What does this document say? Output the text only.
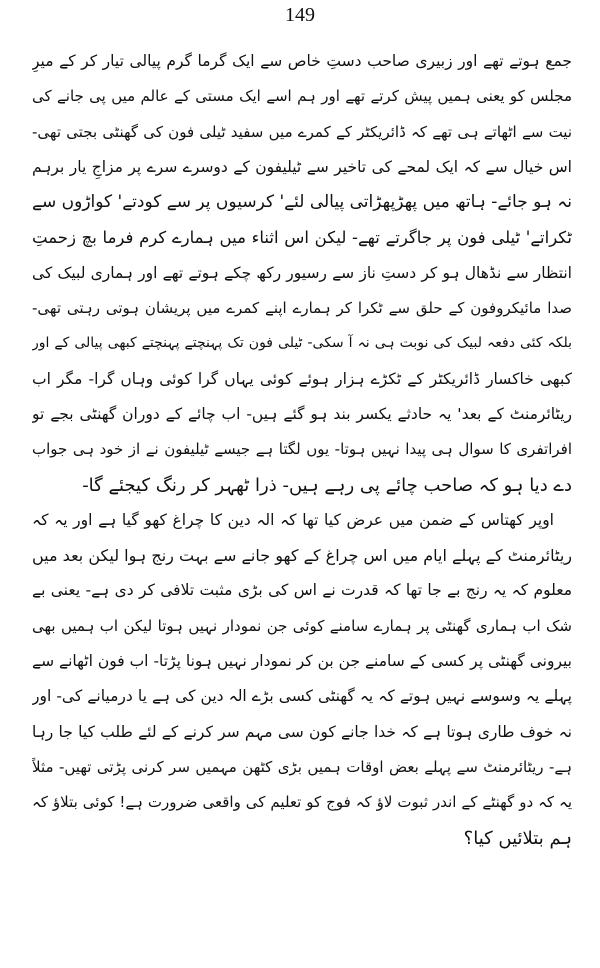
149
جمع ہوتے تھے اور زبیری صاحب دستِ خاص سے ایک گرما گرم پیالی تیار کر کے میرِ
مجلس کو یعنی ہمیں پیش کرتے تھے اور ہم اسے ایک مستی کے عالم میں پی جانے کی
نیت سے اٹھاتے ہی تھے کہ ڈائریکٹر کے کمرے میں سفید ٹیلی فون کی گھنٹی بجتی تھی-
اس خیال سے کہ ایک لمحے کی تاخیر سے ٹیلیفون کے دوسرے سرے پر مزاجِ یار برہم
نہ ہو جائے- ہاتھ میں پھڑپھڑاتی پیالی لئے' کرسیوں پر سے کودتے' کواڑوں سے
ٹکراتے' ٹیلی فون پر جاگرتے تھے- لیکن اس اثناء میں ہمارے کرم فرما بچ زحمتِ
انتظار سے نڈھال ہو کر دستِ ناز سے رسیور رکھ چکے ہوتے تھے اور ہماری لبیک کی
صدا مائیکروفون کے حلق سے ٹکرا کر ہمارے اپنے کمرے میں پریشان ہوتی رہتی تھی-
بلکہ کئی دفعہ لبیک کی نوبت ہی نہ آ سکی- ٹیلی فون تک پہنچتے پہنچتے کبھی پیالی کے اور
کبھی خاکسار ڈائریکٹر کے ٹکڑے ہزار ہوئے کوئی یہاں گرا کوئی وہاں گرا- مگر اب
ریٹائرمنٹ کے بعد' یہ حادثے یکسر بند ہو گئے ہیں- اب چائے کے دوران گھنٹی بجے تو
افراتفری کا سوال ہی پیدا نہیں ہوتا- یوں لگتا ہے جیسے ٹیلیفون نے از خود ہی جواب
دے دیا ہو کہ صاحب چائے پی رہے ہیں- ذرا ٹھہر کر رنگ کیجئے گا-
اوپر کھتاس کے ضمن میں عرض کیا تھا کہ الہ دین کا چراغ کھو گیا ہے اور یہ کہ
ریٹائرمنٹ کے پہلے ایام میں اس چراغ کے کھو جانے سے بہت رنج ہوا لیکن بعد میں
معلوم کہ یہ رنج بے جا تھا کہ قدرت نے اس کی بڑی مثبت تلافی کر دی ہے- یعنی بے
شک اب ہماری گھنٹی پر ہمارے سامنے کوئی جن نمودار نہیں ہوتا لیکن اب ہمیں بھی
بیرونی گھنٹی پر کسی کے سامنے جن بن کر نمودار نہیں ہونا پڑتا- اب فون اٹھانے سے
پہلے یہ وسوسے نہیں ہوتے کہ یہ گھنٹی کسی بڑے الہ دین کی ہے یا درمیانے کی- اور
نہ خوف طاری ہوتا ہے کہ خدا جانے کون سی مہم سر کرنے کے لئے طلب کیا جا رہا
ہے- ریٹائرمنٹ سے پہلے بعض اوقات ہمیں بڑی کٹھن مہمیں سر کرنی پڑتی تھیں- مثلاً
یہ کہ دو گھنٹے کے اندر ثبوت لاؤ کہ فوج کو تعلیم کی واقعی ضرورت ہے! کوئی بتلاؤ کہ
ہم بتلائیں کیا؟
